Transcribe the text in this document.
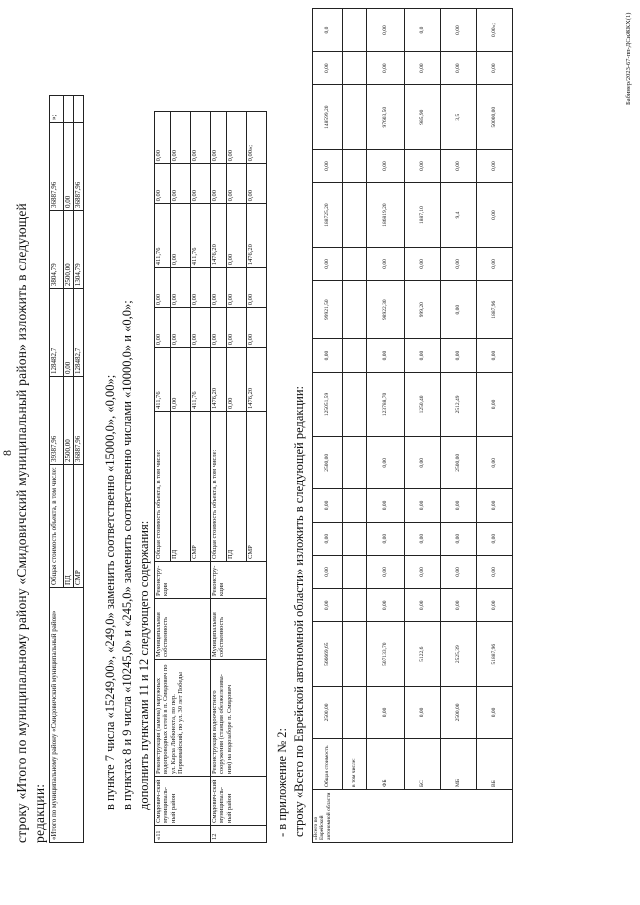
8 строку «Итого по муниципальному району «Смидовичский муниципальный район» изложить в следующей редакции: «Итого по муниципальному району «Смидовичский муниципальный район»	Общая стоимость объекта, в том числе:	39387,96	128482,7	3804,79	36887,96	»;
	ПД	2500,00	0,00	2500,00	0,00	
	СМР	36887,96	128482,7	1304,79	36887,96	
в пункте 7 числа «15249,00», «249,0» заменить соответственно «15000,0», «0,00»; в пунктах 8 и 9 числа «10245,0» и «245,0» заменить соответственно числами «10000,0» и «0,0»; дополнить пунктами 11 и 12 следующего содержания:
«11	Смидович-ский муниципаль-ный район	Реконструкция (замена) наружных водопроводных сетей в п. Смидович по ул. Карла Либкнехта, по пер. Первомайский, по ул. 30 лет Победы	Муниципальная собственность	Реконстру-кция	Общая стоимость объекта, в том числе:	411,76	0,00	0,00	411,76	0,00	0,00
					ПД	0,00	0,00	0,00	0,00	0,00	0,00
					СМР	411,76	0,00	0,00	411,76	0,00	0,00
12	Смидович-ский муниципаль-ный район	Реконструкция водоочистного сооружения (станция обезжелезива-ния) на водозаборе п. Смидович	Муниципальная собственность	Реконстру-кция	Общая стоимость объекта, в том числе:	1476,20	0,00	0,00	1476,20	0,00	0,00
					ПД	0,00	0,00	0,00	0,00	0,00	0,00
					СМР	1476,20	0,00	0,00	1476,20	0,00	0,00»;
- в приложение № 2: строку «Всего по Еврейской автономной области» изложить в следующей редакции: «Всего по Еврейской автономной области	Общая стоимость	2500,00	566669,65	0,00	0,00	0,00	0,00	2500,00	125051,59	0,00	99921,50	0,00	188725,20	0,00	148599,20	0,00	0,0
	в том числе:																
	ФБ	0,00	507133,70	0,00	0,00	0,00	0,00	0,00	123788,70	0,00	98922,30	0,00	186819,20	0,00	97603,50	0,00	0,00
	БС	0,00	5122,6	0,00	0,00	0,00	0,00	0,00	1250,40	0,00	999,20	0,00	1887,10	0,00	985,90	0,00	0,0
	МБ	2500,00	2525,39	0,00	0,00	0,00	0,00	2500,00	2512,49	0,00	0,00	0,00	9,4	0,00	3,5	0,00	0,00
	ВБ	0,00	51887,96	0,00	0,00	0,00	0,00	0,00	0,00	0,00	1887,96	0,00	0,00	0,00	50000,00	0,00	0,00»;	Бабинер/2023-67-пп-ДСиЖКХ(1)
